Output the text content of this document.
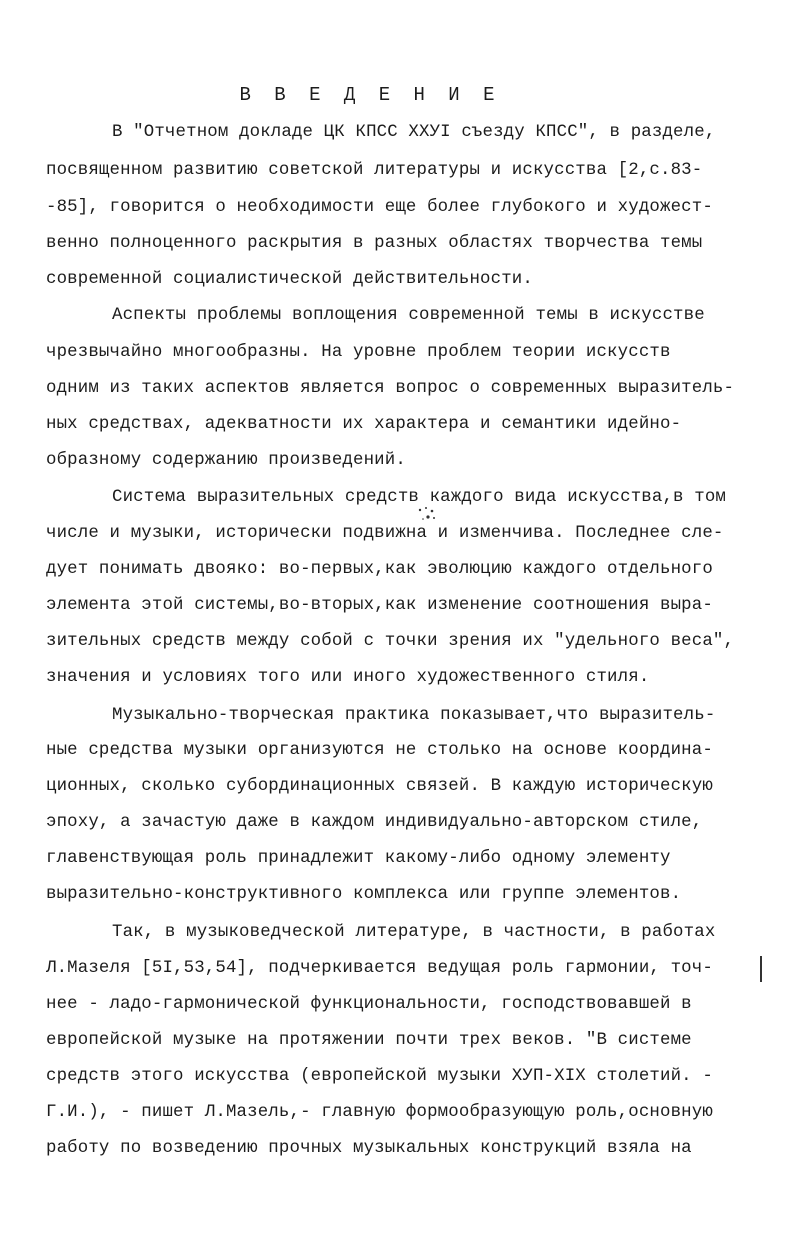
В В Е Д Е Н И Е
В "Отчетном докладе ЦК КПСС ХХУI съезду КПСС", в разделе,
посвященном развитию советской литературы и искусства [2,с.83-
-85], говорится о необходимости еще более глубокого и художест-
венно полноценного раскрытия в разных областях творчества темы
современной социалистической действительности.
Аспекты проблемы воплощения современной темы в искусстве
чрезвычайно многообразны. На уровне проблем теории искусств
одним из таких аспектов является вопрос о современных выразитель-
ных средствах, адекватности их характера и семантики идейно-
образному содержанию произведений.
Система выразительных средств каждого вида искусства,в том
числе и музыки, исторически подвижна и изменчива. Последнее сле-
дует понимать двояко: во-первых,как эволюцию каждого отдельного
элемента этой системы,во-вторых,как изменение соотношения выра-
зительных средств между собой с точки зрения их "удельного веса",
значения и условиях того или иного художественного стиля.
Музыкально-творческая практика показывает,что выразитель-
ные средства музыки организуются не столько на основе координа-
ционных, сколько субординационных связей. В каждую историческую
эпоху, а зачастую даже в каждом индивидуально-авторском стиле,
главенствующая роль принадлежит какому-либо одному элементу
выразительно-конструктивного комплекса или группе элементов.
Так, в музыковедческой литературе, в частности, в работах
Л.Мазеля [5I,53,54], подчеркивается ведущая роль гармонии, точ-
нее - ладо-гармонической функциональности, господствовавшей в
европейской музыке на протяжении почти трех веков. "В системе
средств этого искусства (европейской музыки ХУП-ХIХ столетий. -
Г.И.), - пишет Л.Мазель,- главную формообразующую роль,основную
работу по возведению прочных музыкальных конструкций взяла на
